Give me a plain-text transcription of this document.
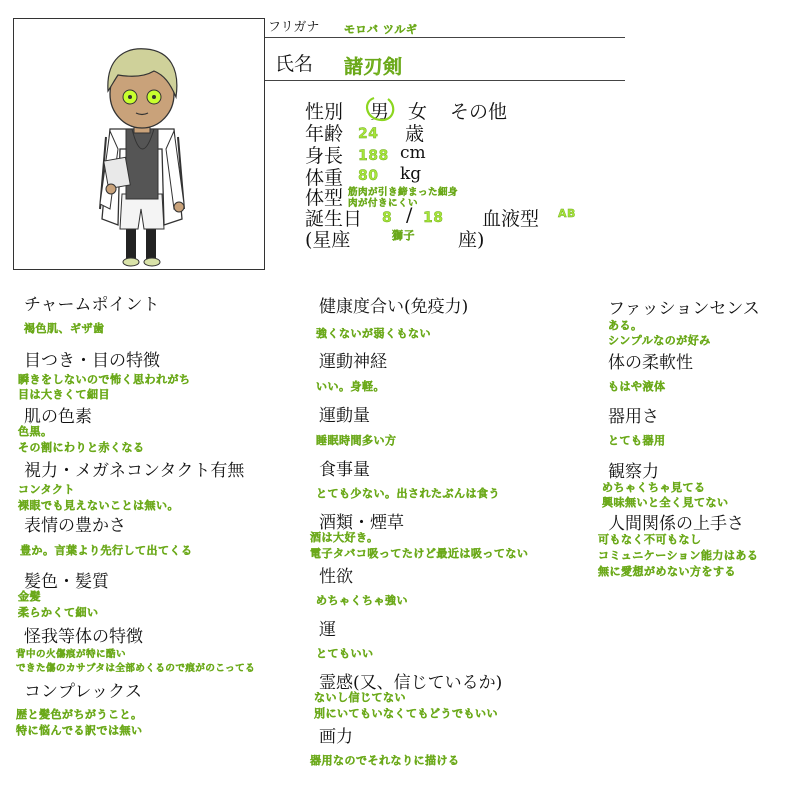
フリガナ モロバ ツルギ
氏名 諸刃剣
性別 男 女 その他
年齢 24 歳
身長 188 cm
体重 80 kg
体型 筋肉が引き締まった細身
肉が付きにくい
誕生日 8 / 18 血液型 AB
(星座	獅子 座)
チャームポイント
褐色肌、ギザ歯
目つき・目の特徴
瞬きをしないので怖く思われがち
目は大きくて細目
肌の色素
色黒。
その割にわりと赤くなる
視力・メガネコンタクト有無
コンタクト
裸眼でも見えないことは無い。
表情の豊かさ
豊か。言葉より先行して出てくる
髪色・髪質
金髪
柔らかくて細い
怪我等体の特徴
背中の火傷痕が特に酷い
できた傷のカサブタは全部めくるので痕がのこってる
コンプレックス
歴と髪色がちがうこと。
特に悩んでる訳では無い
健康度合い(免疫力)
強くないが弱くもない
運動神経
いい。身軽。
運動量
睡眠時間多い方
食事量
とても少ない。出されたぶんは食う
酒類・煙草
酒は大好き。
電子タバコ吸ってたけど最近は吸ってない
性欲
めちゃくちゃ強い
運
とてもいい
霊感(又、信じているか)
ないし信じてない
別にいてもいなくてもどうでもいい
画力
器用なのでそれなりに描ける
ファッションセンス
ある。
シンプルなのが好み
体の柔軟性
もはや液体
器用さ
とても器用
観察力
めちゃくちゃ見てる
興味無いと全く見てない
人間関係の上手さ
可もなく不可もなし
コミュニケーション能力はある
無に愛想がめない方をする
